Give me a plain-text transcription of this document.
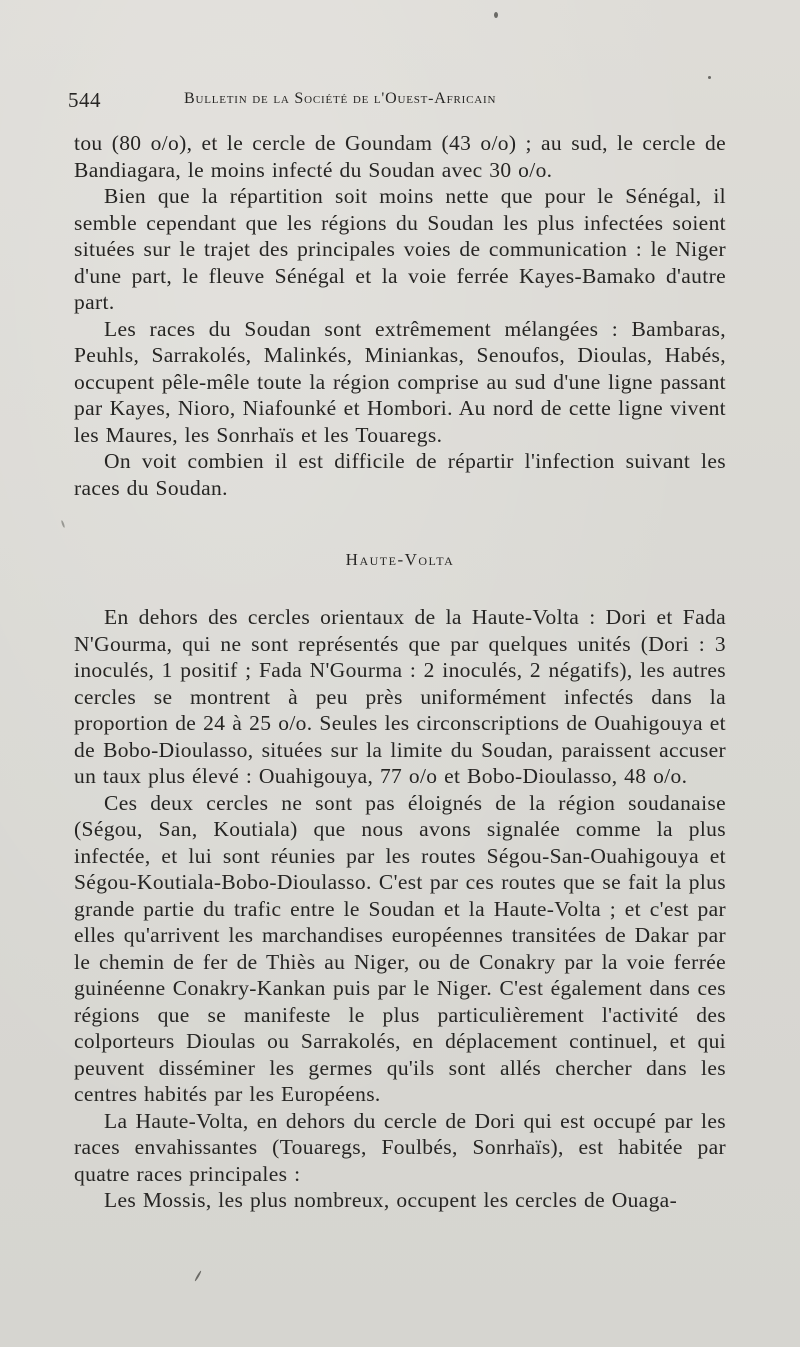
544	Bulletin de la Société de l'Ouest-Africain

tou (80 o/o), et le cercle de Goundam (43 o/o) ; au sud, le cercle de Bandiagara, le moins infecté du Soudan avec 30 o/o.

Bien que la répartition soit moins nette que pour le Sénégal, il semble cependant que les régions du Soudan les plus infectées soient situées sur le trajet des principales voies de communication : le Niger d'une part, le fleuve Sénégal et la voie ferrée Kayes-Bamako d'autre part.

Les races du Soudan sont extrêmement mélangées : Bambaras, Peuhls, Sarrakolés, Malinkés, Miniankas, Senoufos, Dioulas, Habés, occupent pêle-mêle toute la région comprise au sud d'une ligne passant par Kayes, Nioro, Niafounké et Hombori. Au nord de cette ligne vivent les Maures, les Sonrhaïs et les Touaregs.

On voit combien il est difficile de répartir l'infection suivant les races du Soudan.

Haute-Volta

En dehors des cercles orientaux de la Haute-Volta : Dori et Fada N'Gourma, qui ne sont représentés que par quelques unités (Dori : 3 inoculés, 1 positif ; Fada N'Gourma : 2 inoculés, 2 négatifs), les autres cercles se montrent à peu près uniformément infectés dans la proportion de 24 à 25 o/o. Seules les circonscriptions de Ouahigouya et de Bobo-Dioulasso, situées sur la limite du Soudan, paraissent accuser un taux plus élevé : Ouahigouya, 77 o/o et Bobo-Dioulasso, 48 o/o.

Ces deux cercles ne sont pas éloignés de la région soudanaise (Ségou, San, Koutiala) que nous avons signalée comme la plus infectée, et lui sont réunies par les routes Ségou-San-Ouahigouya et Ségou-Koutiala-Bobo-Dioulasso. C'est par ces routes que se fait la plus grande partie du trafic entre le Soudan et la Haute-Volta ; et c'est par elles qu'arrivent les marchandises européennes transitées de Dakar par le chemin de fer de Thiès au Niger, ou de Conakry par la voie ferrée guinéenne Conakry-Kankan puis par le Niger. C'est également dans ces régions que se manifeste le plus particulièrement l'activité des colporteurs Dioulas ou Sarrakolés, en déplacement continuel, et qui peuvent disséminer les germes qu'ils sont allés chercher dans les centres habités par les Européens.

La Haute-Volta, en dehors du cercle de Dori qui est occupé par les races envahissantes (Touaregs, Foulbés, Sonrhaïs), est habitée par quatre races principales :

Les Mossis, les plus nombreux, occupent les cercles de Ouaga-
